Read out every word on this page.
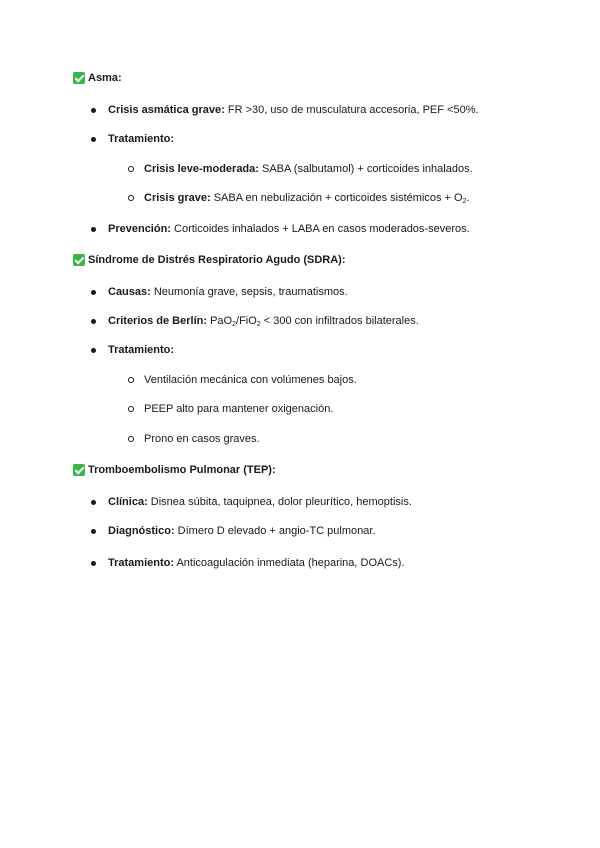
Asma:
Crisis asmática grave: FR >30, uso de musculatura accesoria, PEF <50%.
Tratamiento:
Crisis leve-moderada: SABA (salbutamol) + corticoides inhalados.
Crisis grave: SABA en nebulización + corticoides sistémicos + $O_2$.
Prevención: Corticoides inhalados + LABA en casos moderados-severos.
Síndrome de Distrés Respiratorio Agudo (SDRA):
Causas: Neumonía grave, sepsis, traumatismos.
Criterios de Berlín: PaO$_2$/FiO$_2$ < 300 con infiltrados bilaterales.
Tratamiento:
Ventilación mecánica con volúmenes bajos.
PEEP alto para mantener oxigenación.
Prono en casos graves.
Tromboembolismo Pulmonar (TEP):
Clínica: Disnea súbita, taquipnea, dolor pleurítico, hemoptisis.
Diagnóstico: Dímero D elevado + angio-TC pulmonar.
Tratamiento: Anticoagulación inmediata (heparina, DOACs).
